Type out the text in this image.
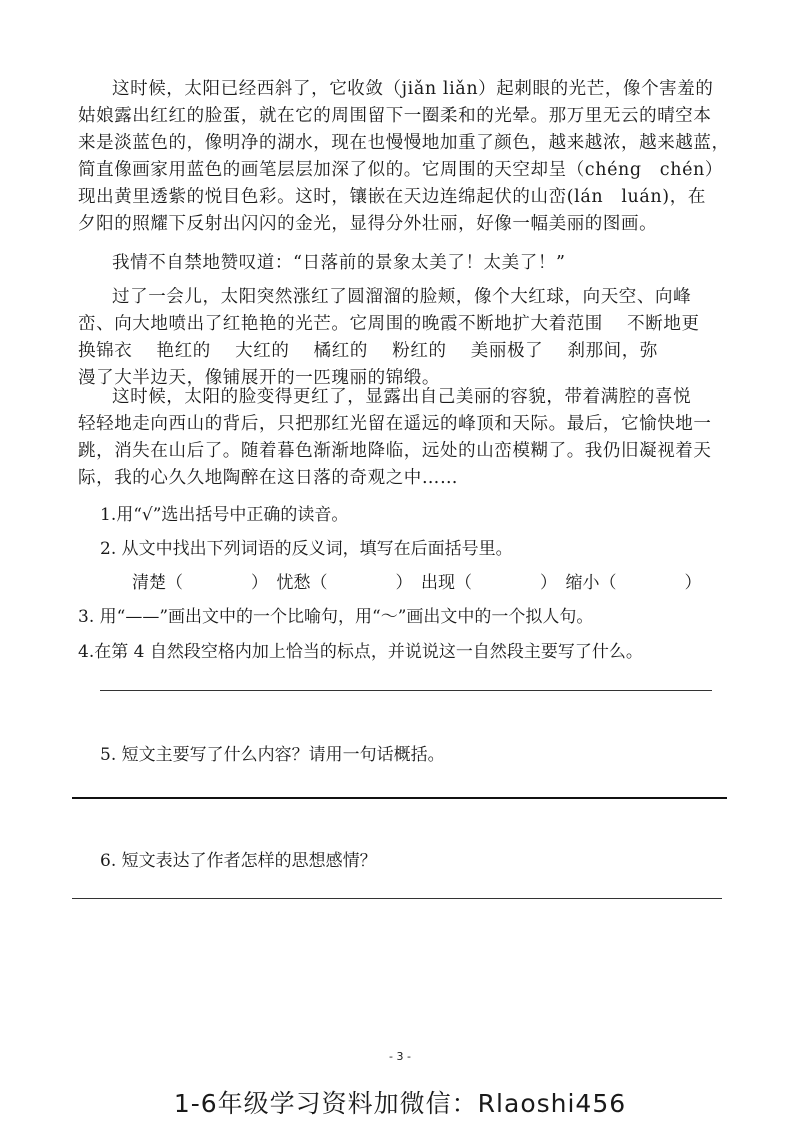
这时候，太阳已经西斜了，它收敛（jiǎn liǎn）起刺眼的光芒，像个害羞的
姑娘露出红红的脸蛋，就在它的周围留下一圈柔和的光晕。那万里无云的晴空本
来是淡蓝色的，像明净的湖水，现在也慢慢地加重了颜色，越来越浓，越来越蓝，
简直像画家用蓝色的画笔层层加深了似的。它周围的天空却呈（chéng　chén）
现出黄里透紫的悦目色彩。这时，镶嵌在天边连绵起伏的山峦(lán　luán)，在
夕阳的照耀下反射出闪闪的金光，显得分外壮丽，好像一幅美丽的图画。
我情不自禁地赞叹道：“日落前的景象太美了！太美了！”
过了一会儿，太阳突然涨红了圆溜溜的脸颊，像个大红球，向天空、向峰
峦、向大地喷出了红艳艳的光芒。它周围的晚霞不断地扩大着范围　 不断地更
换锦衣　 艳红的　 大红的　 橘红的　 粉红的　 美丽极了　 刹那间，弥
漫了大半边天，像铺展开的一匹瑰丽的锦缎。
这时候，太阳的脸变得更红了，显露出自己美丽的容貌，带着满腔的喜悦
轻轻地走向西山的背后，只把那红光留在遥远的峰顶和天际。最后，它愉快地一
跳，消失在山后了。随着暮色渐渐地降临，远处的山峦模糊了。我仍旧凝视着天
际，我的心久久地陶醉在这日落的奇观之中……

1.用“√”选出括号中正确的读音。

2. 从文中找出下列词语的反义词，填写在后面括号里。

清楚（　　　　）　忧愁（　　　　）　出现（　　　　）　缩小（　　　　）

3. 用“——”画出文中的一个比喻句，用“～”画出文中的一个拟人句。

4.在第 4 自然段空格内加上恰当的标点，并说说这一自然段主要写了什么。

5. 短文主要写了什么内容？请用一句话概括。

6. 短文表达了作者怎样的思想感情？

- 3 -
1-6年级学习资料加微信：Rlaoshi456
